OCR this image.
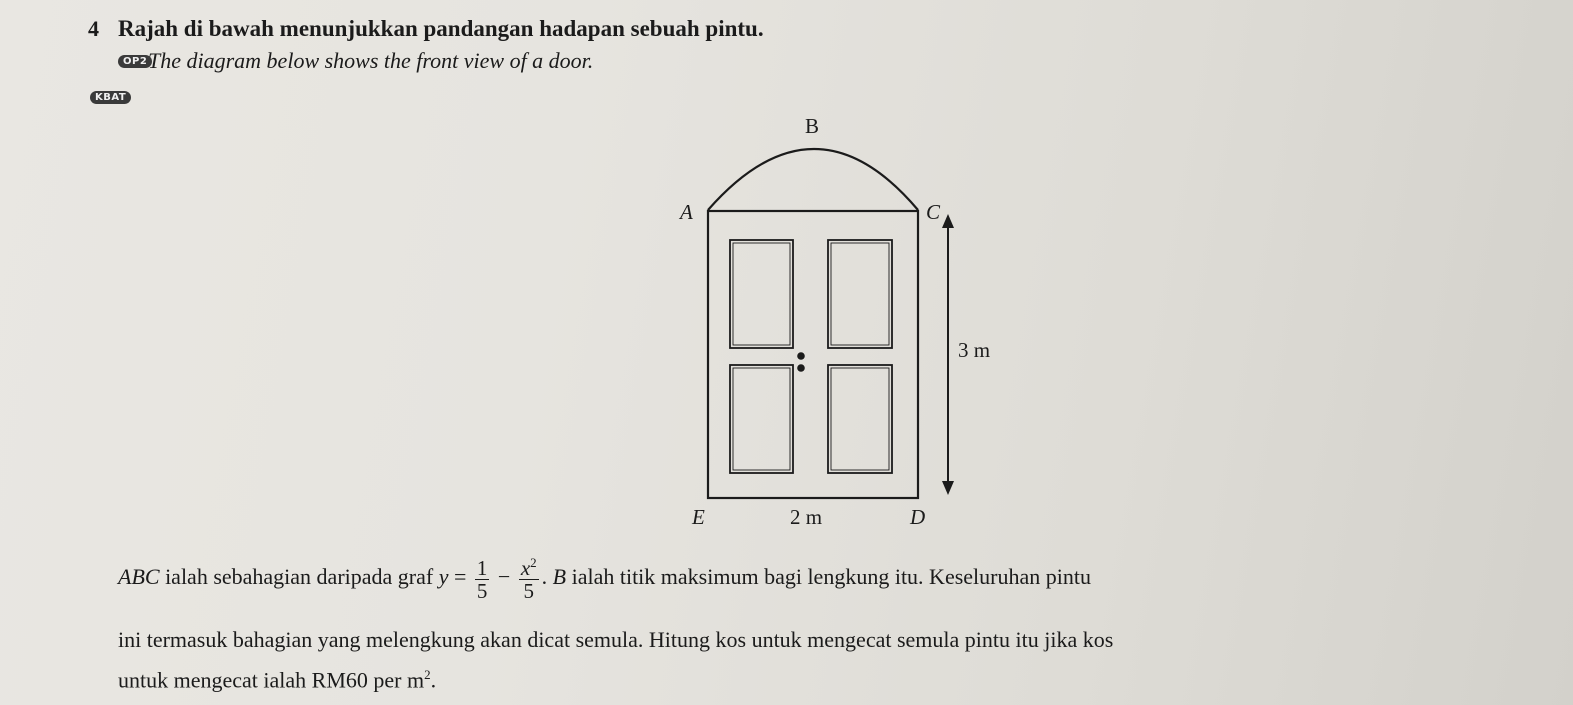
4 Rajah di bawah menunjukkan pandangan hadapan sebuah pintu.
OP2 The diagram below shows the front view of a door.
KBAT
B
A	C
3 m
E	2 m	D
ABC ialah sebahagian daripada graf $y = \frac{1}{5} - \frac{x^2}{5}$ . B ialah titik maksimum bagi lengkung itu. Keseluruhan pintu
ini termasuk bahagian yang melengkung akan dicat semula. Hitung kos untuk mengecat semula pintu itu jika kos
untuk mengecat ialah RM60 per $m^2$.
